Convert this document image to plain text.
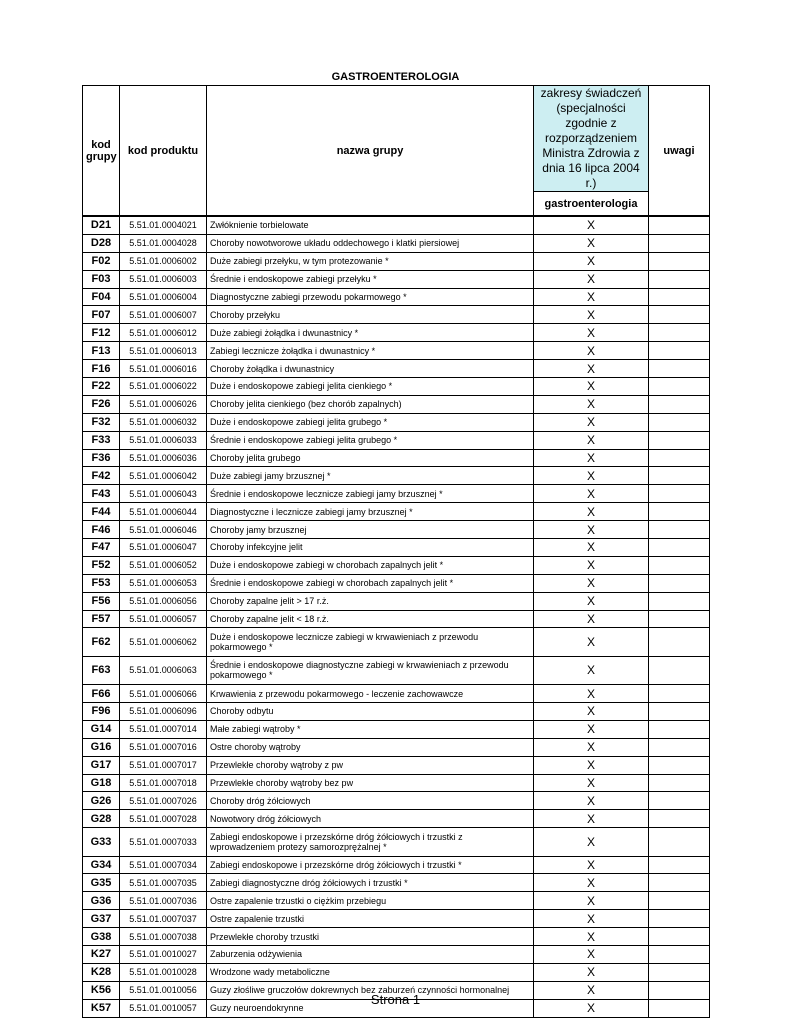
GASTROENTEROLOGIA
kod grupy	kod produktu	nazwa grupy	zakresy świadczeń (specjalności zgodnie z rozporządzeniem Ministra Zdrowia z dnia 16 lipca 2004 r.)	uwagi
			gastroenterologia	
D21	5.51.01.0004021	Zwłóknienie torbielowate	X	
D28	5.51.01.0004028	Choroby nowotworowe układu oddechowego i klatki piersiowej	X	
F02	5.51.01.0006002	Duże zabiegi przełyku, w tym protezowanie *	X	
F03	5.51.01.0006003	Średnie i endoskopowe zabiegi przełyku *	X	
F04	5.51.01.0006004	Diagnostyczne zabiegi przewodu pokarmowego *	X	
F07	5.51.01.0006007	Choroby przełyku	X	
F12	5.51.01.0006012	Duże zabiegi żołądka i dwunastnicy *	X	
F13	5.51.01.0006013	Zabiegi lecznicze żołądka i dwunastnicy *	X	
F16	5.51.01.0006016	Choroby żołądka i dwunastnicy	X	
F22	5.51.01.0006022	Duże i endoskopowe zabiegi jelita cienkiego *	X	
F26	5.51.01.0006026	Choroby jelita cienkiego (bez chorób zapalnych)	X	
F32	5.51.01.0006032	Duże i endoskopowe zabiegi jelita grubego *	X	
F33	5.51.01.0006033	Średnie i endoskopowe zabiegi jelita grubego *	X	
F36	5.51.01.0006036	Choroby jelita grubego	X	
F42	5.51.01.0006042	Duże zabiegi jamy brzusznej *	X	
F43	5.51.01.0006043	Średnie i endoskopowe lecznicze zabiegi jamy brzusznej *	X	
F44	5.51.01.0006044	Diagnostyczne i lecznicze zabiegi jamy brzusznej *	X	
F46	5.51.01.0006046	Choroby jamy brzusznej	X	
F47	5.51.01.0006047	Choroby infekcyjne jelit	X	
F52	5.51.01.0006052	Duże i endoskopowe zabiegi w chorobach zapalnych jelit *	X	
F53	5.51.01.0006053	Średnie i endoskopowe zabiegi w chorobach zapalnych jelit *	X	
F56	5.51.01.0006056	Choroby zapalne jelit > 17 r.ż.	X	
F57	5.51.01.0006057	Choroby zapalne jelit < 18 r.ż.	X	
F62	5.51.01.0006062	Duże i endoskopowe lecznicze zabiegi w krwawieniach z przewodu pokarmowego *	X	
F63	5.51.01.0006063	Średnie i endoskopowe diagnostyczne zabiegi w krwawieniach z przewodu pokarmowego *	X	
F66	5.51.01.0006066	Krwawienia z przewodu pokarmowego - leczenie zachowawcze	X	
F96	5.51.01.0006096	Choroby odbytu	X	
G14	5.51.01.0007014	Małe zabiegi wątroby *	X	
G16	5.51.01.0007016	Ostre choroby wątroby	X	
G17	5.51.01.0007017	Przewlekłe choroby wątroby z pw	X	
G18	5.51.01.0007018	Przewlekłe choroby wątroby bez pw	X	
G26	5.51.01.0007026	Choroby dróg żółciowych	X	
G28	5.51.01.0007028	Nowotwory dróg żółciowych	X	
G33	5.51.01.0007033	Zabiegi endoskopowe i przezskórne dróg żółciowych i trzustki z wprowadzeniem protezy samorozprężalnej *	X	
G34	5.51.01.0007034	Zabiegi endoskopowe i przezskórne dróg żółciowych i trzustki *	X	
G35	5.51.01.0007035	Zabiegi diagnostyczne dróg żółciowych i trzustki *	X	
G36	5.51.01.0007036	Ostre zapalenie trzustki o ciężkim przebiegu	X	
G37	5.51.01.0007037	Ostre zapalenie trzustki	X	
G38	5.51.01.0007038	Przewlekłe choroby trzustki	X	
K27	5.51.01.0010027	Zaburzenia odżywienia	X	
K28	5.51.01.0010028	Wrodzone wady metaboliczne	X	
K56	5.51.01.0010056	Guzy złośliwe gruczołów dokrewnych bez zaburzeń czynności hormonalnej	X	
K57	5.51.01.0010057	Guzy neuroendokrynne	X	
Strona 1
